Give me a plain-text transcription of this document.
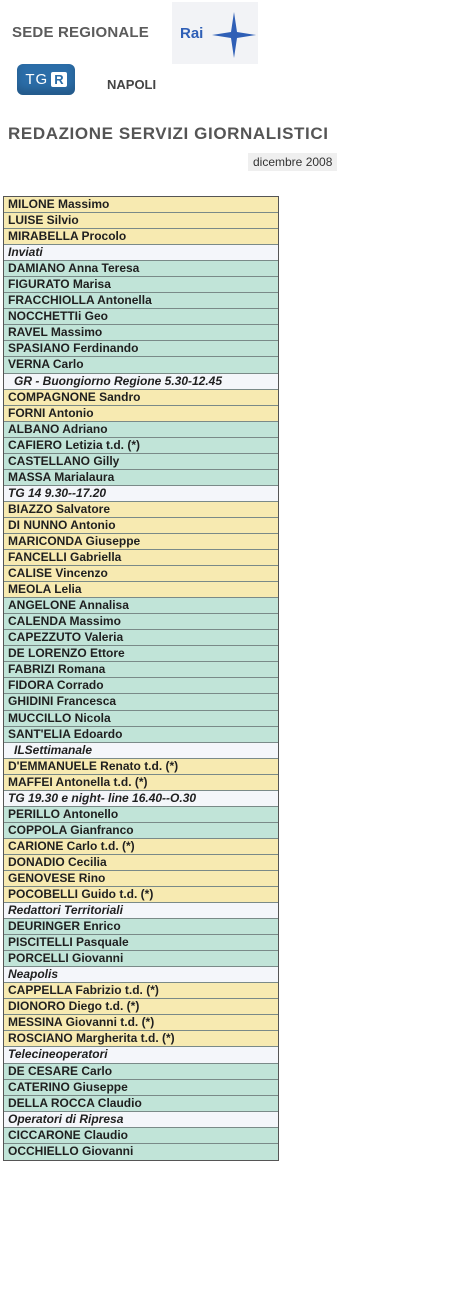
SEDE REGIONALE Rai
TG R	NAPOLI
REDAZIONE SERVIZI GIORNALISTICI
dicembre 2008
MILONE Massimo
LUISE Silvio
MIRABELLA Procolo
Inviati
DAMIANO Anna Teresa
FIGURATO Marisa
FRACCHIOLLA Antonella
NOCCHETTIi Geo
RAVEL Massimo
SPASIANO Ferdinando
VERNA Carlo
GR - Buongiorno Regione 5.30-12.45
COMPAGNONE Sandro
FORNI Antonio
ALBANO Adriano
CAFIERO Letizia t.d. (*)
CASTELLANO Gilly
MASSA Marialaura
TG 14 9.30--17.20
BIAZZO Salvatore
DI NUNNO Antonio
MARICONDA Giuseppe
FANCELLI Gabriella
CALISE Vincenzo
MEOLA Lelia
ANGELONE Annalisa
CALENDA Massimo
CAPEZZUTO Valeria
DE LORENZO Ettore
FABRIZI Romana
FIDORA Corrado
GHIDINI Francesca
MUCCILLO Nicola
SANT'ELIA Edoardo
ILSettimanale
D'EMMANUELE Renato t.d. (*)
MAFFEI Antonella t.d. (*)
TG 19.30 e night- line 16.40--O.30
PERILLO Antonello
COPPOLA Gianfranco
CARIONE Carlo t.d. (*)
DONADIO Cecilia
GENOVESE Rino
POCOBELLI Guido t.d. (*)
Redattori Territoriali
DEURINGER Enrico
PISCITELLI Pasquale
PORCELLI Giovanni
Neapolis
CAPPELLA Fabrizio t.d. (*)
DIONORO Diego t.d. (*)
MESSINA Giovanni t.d. (*)
ROSCIANO Margherita t.d. (*)
Telecineoperatori
DE CESARE Carlo
CATERINO Giuseppe
DELLA ROCCA Claudio
Operatori di Ripresa
CICCARONE Claudio
OCCHIELLO Giovanni
